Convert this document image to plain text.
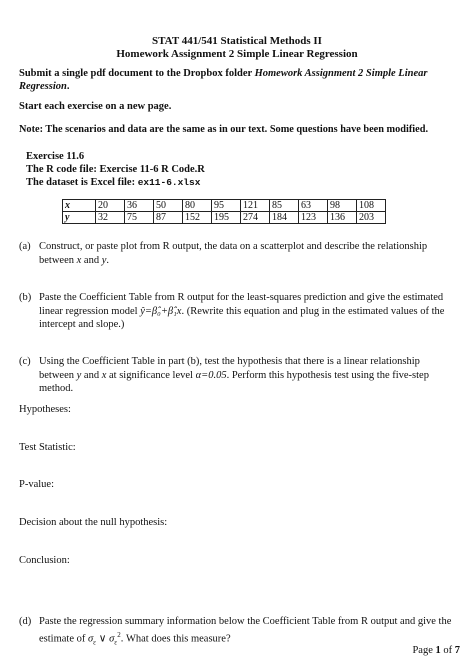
STAT 441/541 Statistical Methods II
Homework Assignment 2 Simple Linear Regression
Submit a single pdf document to the Dropbox folder Homework Assignment 2 Simple Linear
Regression.
Start each exercise on a new page.
Note: The scenarios and data are the same as in our text. Some questions have been modified.
Exercise 11.6
The R code file: Exercise 11-6 R Code.R
The dataset is Excel file: ex11-6.xlsx
x	20	36	50	80	95	121	85	63	98	108
y	32	75	87	152	195	274	184	123	136	203
(a) Construct, or paste plot from R output, the data on a scatterplot and describe the relationship
between x and y.
(b) Paste the Coefficient Table from R output for the least-squares prediction and give the estimated
linear regression model ŷ=β̂₀+β̂₁x. (Rewrite this equation and plug in the estimated values of the
intercept and slope.)
(c) Using the Coefficient Table in part (b), test the hypothesis that there is a linear relationship
between y and x at significance level α=0.05. Perform this hypothesis test using the five-step
method.
Hypotheses:
Test Statistic:
P-value:
Decision about the null hypothesis:
Conclusion:
(d) Paste the regression summary information below the Coefficient Table from R output and give the
estimate of $\sigma_\varepsilon$ ∨ $\sigma_\varepsilon^2$. What does this measure?
Page 1 of 7
